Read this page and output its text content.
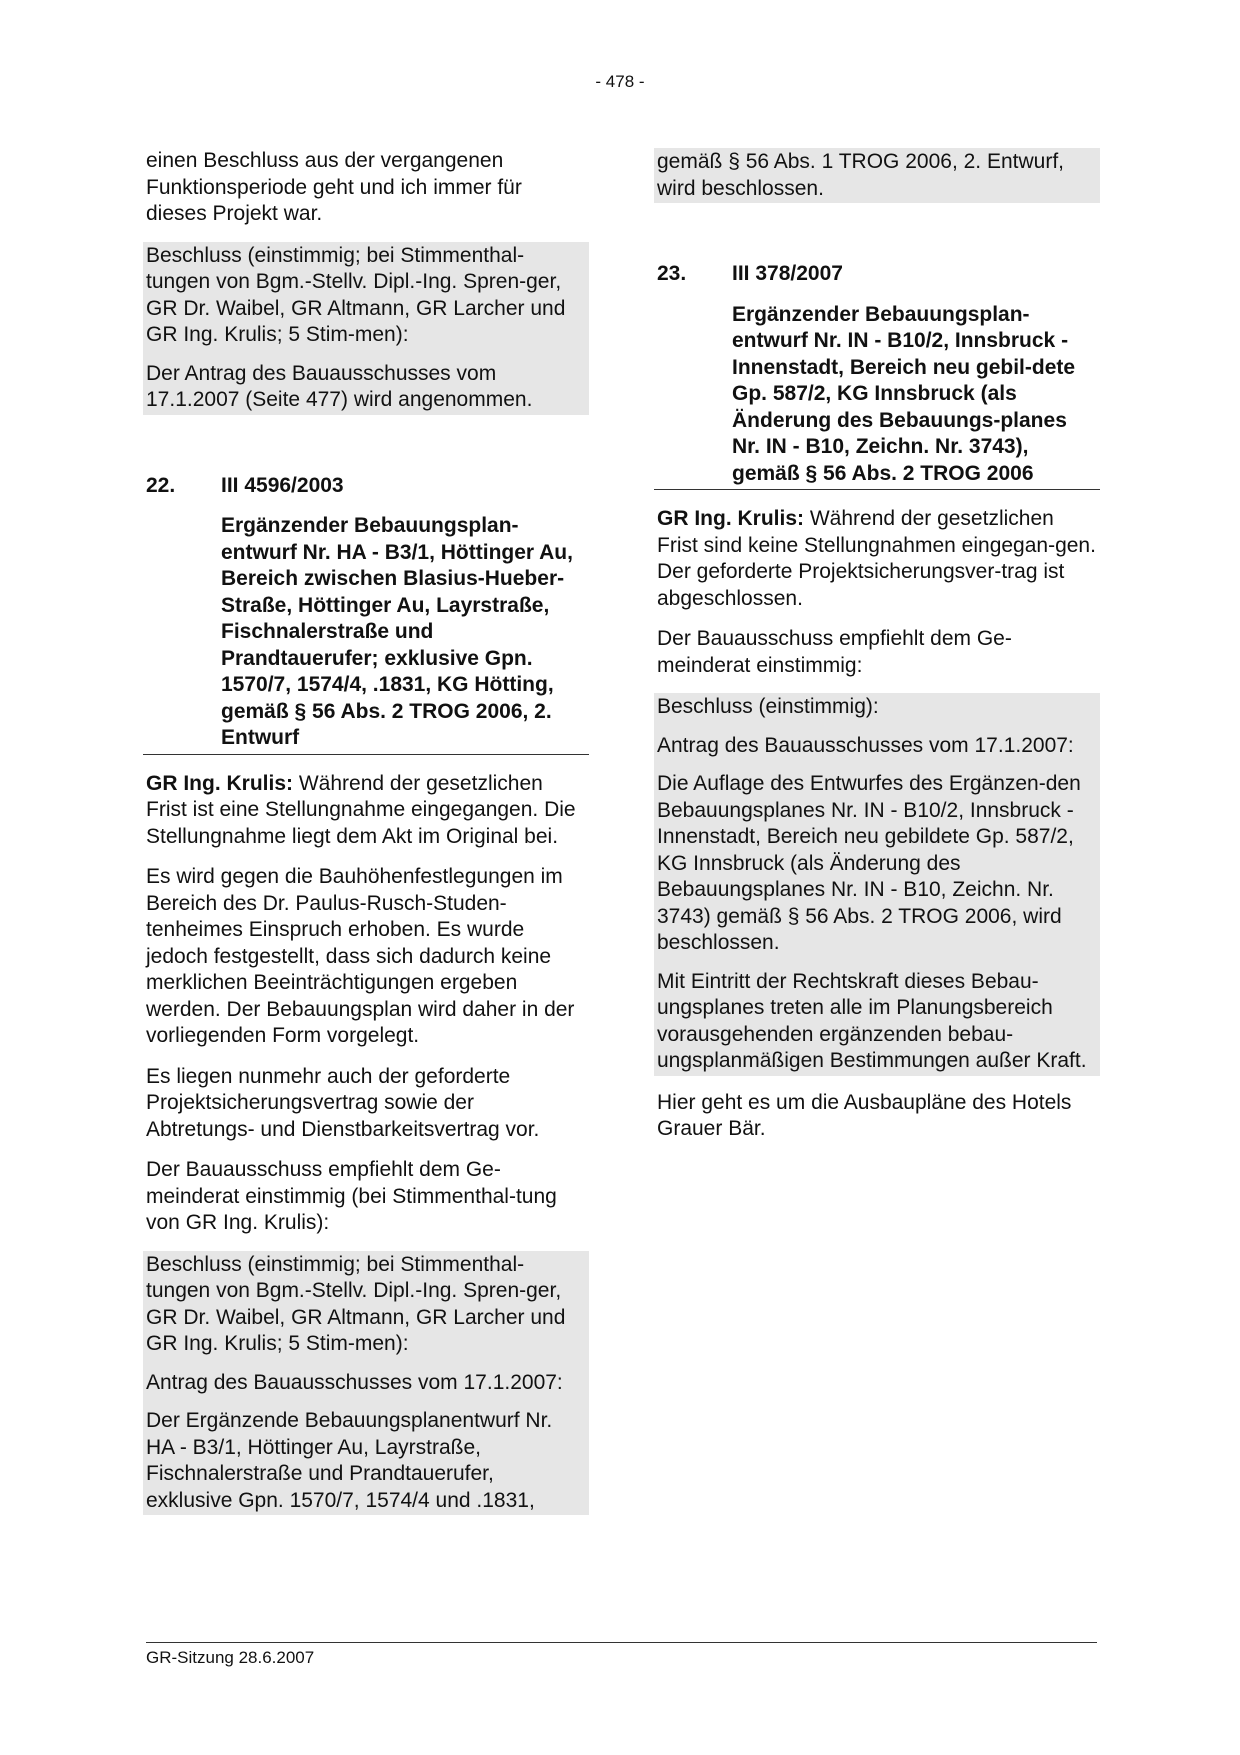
- 478 -

einen Beschluss aus der vergangenen Funktionsperiode geht und ich immer für dieses Projekt war.

Beschluss (einstimmig; bei Stimmenthal-tungen von Bgm.-Stellv. Dipl.-Ing. Spren-ger, GR Dr. Waibel, GR Altmann, GR Larcher und GR Ing. Krulis; 5 Stim-men):

Der Antrag des Bauausschusses vom 17.1.2007 (Seite 477) wird angenommen.

22.	III 4596/2003
Ergänzender Bebauungsplan-entwurf Nr. HA - B3/1, Höttinger Au, Bereich zwischen Blasius-Hueber-Straße, Höttinger Au, Layrstraße, Fischnalerstraße und Prandtauerufer; exklusive Gpn. 1570/7, 1574/4, .1831, KG Hötting, gemäß § 56 Abs. 2 TROG 2006, 2. Entwurf

GR Ing. Krulis: Während der gesetzlichen Frist ist eine Stellungnahme eingegangen. Die Stellungnahme liegt dem Akt im Original bei.

Es wird gegen die Bauhöhenfestlegungen im Bereich des Dr. Paulus-Rusch-Studen-tenheimes Einspruch erhoben. Es wurde jedoch festgestellt, dass sich dadurch keine merklichen Beeinträchtigungen ergeben werden. Der Bebauungsplan wird daher in der vorliegenden Form vorgelegt.

Es liegen nunmehr auch der geforderte Projektsicherungsvertrag sowie der Abtretungs- und Dienstbarkeitsvertrag vor.

Der Bauausschuss empfiehlt dem Ge-meinderat einstimmig (bei Stimmenthal-tung von GR Ing. Krulis):

Beschluss (einstimmig; bei Stimmenthal-tungen von Bgm.-Stellv. Dipl.-Ing. Spren-ger, GR Dr. Waibel, GR Altmann, GR Larcher und GR Ing. Krulis; 5 Stim-men):

Antrag des Bauausschusses vom 17.1.2007:

Der Ergänzende Bebauungsplanentwurf Nr. HA - B3/1, Höttinger Au, Layrstraße, Fischnalerstraße und Prandtauerufer, exklusive Gpn. 1570/7, 1574/4 und .1831,

gemäß § 56 Abs. 1 TROG 2006, 2. Entwurf, wird beschlossen.

23.	III 378/2007
Ergänzender Bebauungsplan-entwurf Nr. IN - B10/2, Innsbruck - Innenstadt, Bereich neu gebil-dete Gp. 587/2, KG Innsbruck (als Änderung des Bebauungs-planes Nr. IN - B10, Zeichn. Nr. 3743), gemäß § 56 Abs. 2 TROG 2006

GR Ing. Krulis: Während der gesetzlichen Frist sind keine Stellungnahmen eingegan-gen. Der geforderte Projektsicherungsver-trag ist abgeschlossen.

Der Bauausschuss empfiehlt dem Ge-meinderat einstimmig:

Beschluss (einstimmig):

Antrag des Bauausschusses vom 17.1.2007:

Die Auflage des Entwurfes des Ergänzen-den Bebauungsplanes Nr. IN - B10/2, Innsbruck - Innenstadt, Bereich neu gebildete Gp. 587/2, KG Innsbruck (als Änderung des Bebauungsplanes Nr. IN - B10, Zeichn. Nr. 3743) gemäß § 56 Abs. 2 TROG 2006, wird beschlossen.

Mit Eintritt der Rechtskraft dieses Bebau-ungsplanes treten alle im Planungsbereich vorausgehenden ergänzenden bebau-ungsplanmäßigen Bestimmungen außer Kraft.

Hier geht es um die Ausbaupläne des Hotels Grauer Bär.

GR-Sitzung 28.6.2007
